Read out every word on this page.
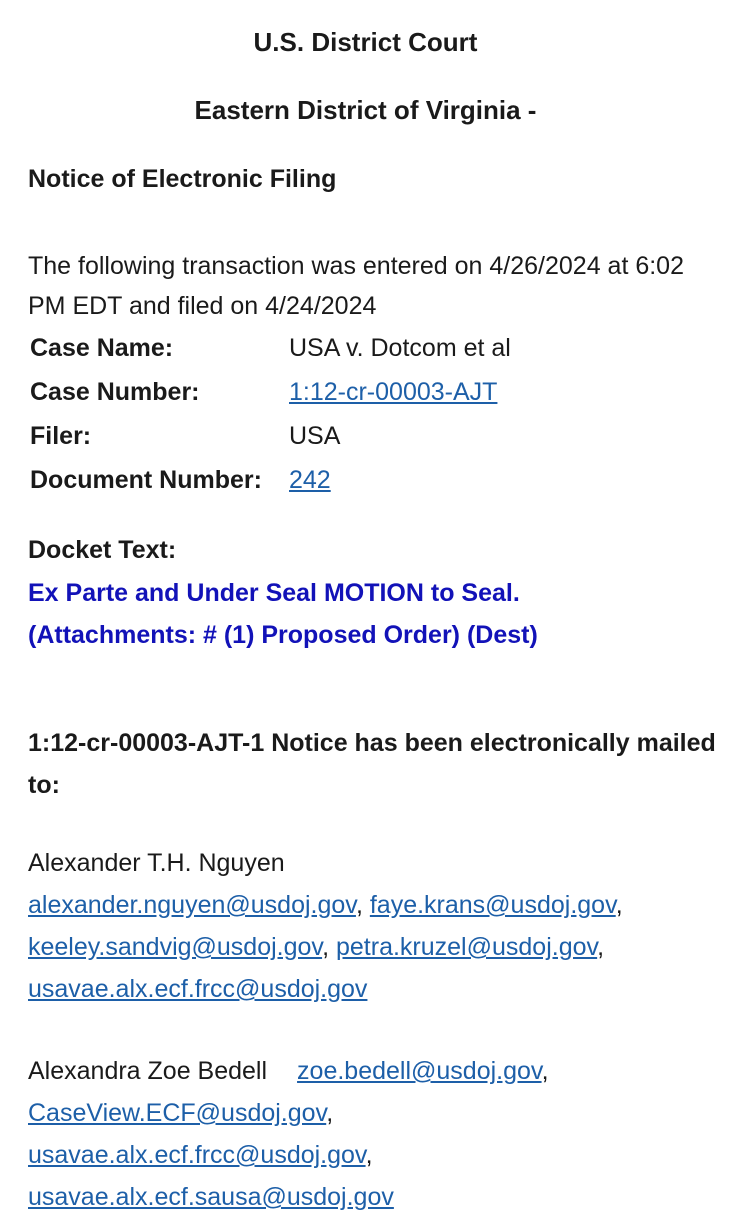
U.S. District Court
Eastern District of Virginia -
Notice of Electronic Filing
The following transaction was entered on 4/26/2024 at 6:02 PM EDT and filed on 4/24/2024
Case Name:	USA v. Dotcom et al
Case Number:	1:12-cr-00003-AJT
Filer:	USA
Document Number:	242
Docket Text:
Ex Parte and Under Seal MOTION to Seal.
(Attachments: # (1) Proposed Order) (Dest)
1:12-cr-00003-AJT-1 Notice has been electronically mailed to:
Alexander T.H. Nguyen
alexander.nguyen@usdoj.gov, faye.krans@usdoj.gov,
keeley.sandvig@usdoj.gov, petra.kruzel@usdoj.gov,
usavae.alx.ecf.frcc@usdoj.gov
Alexandra Zoe Bedell zoe.bedell@usdoj.gov,
CaseView.ECF@usdoj.gov,
usavae.alx.ecf.frcc@usdoj.gov,
usavae.alx.ecf.sausa@usdoj.gov
